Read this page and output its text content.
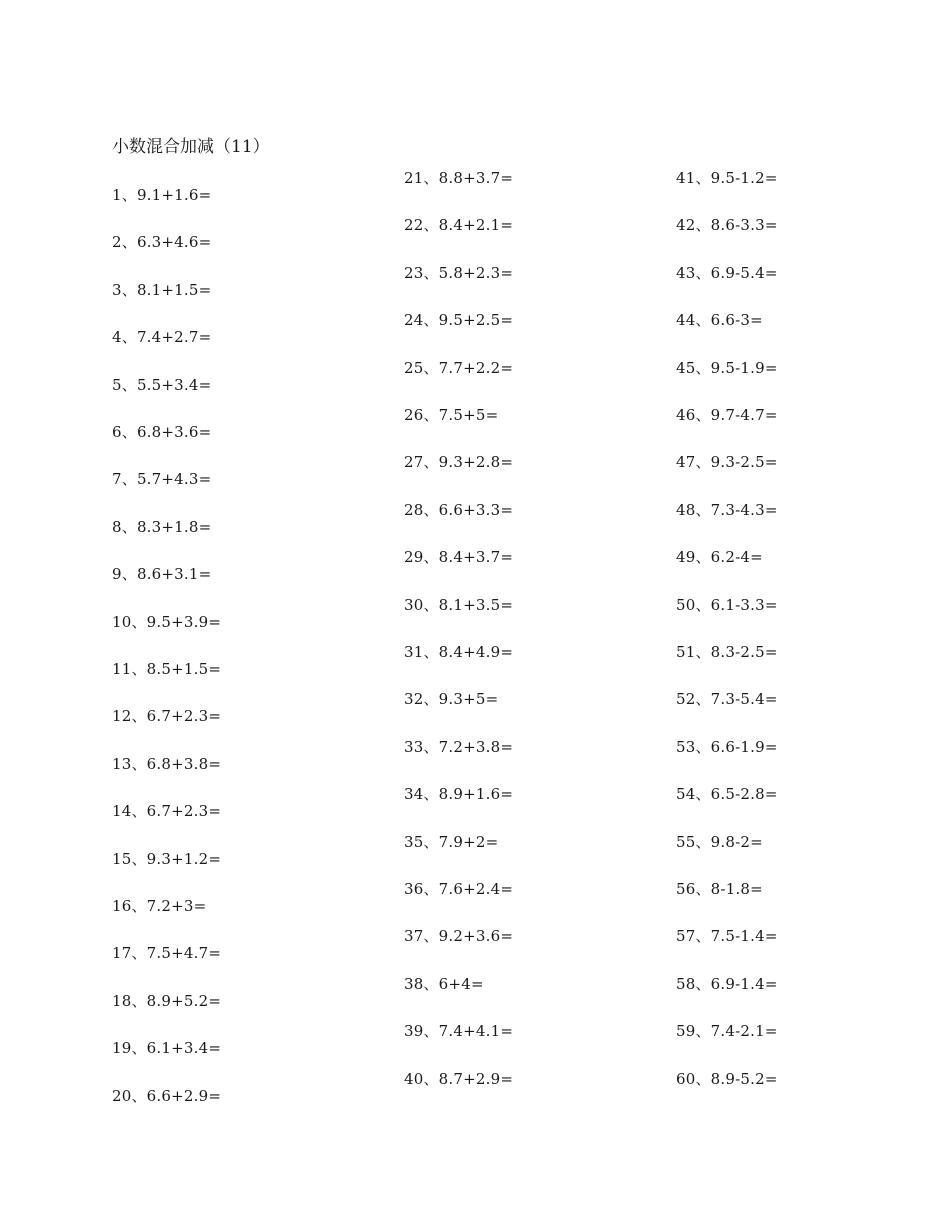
小数混合加减（11）
1、9.1+1.6=
2、6.3+4.6=
3、8.1+1.5=
4、7.4+2.7=
5、5.5+3.4=
6、6.8+3.6=
7、5.7+4.3=
8、8.3+1.8=
9、8.6+3.1=
10、9.5+3.9=
11、8.5+1.5=
12、6.7+2.3=
13、6.8+3.8=
14、6.7+2.3=
15、9.3+1.2=
16、7.2+3=
17、7.5+4.7=
18、8.9+5.2=
19、6.1+3.4=
20、6.6+2.9=
21、8.8+3.7=
22、8.4+2.1=
23、5.8+2.3=
24、9.5+2.5=
25、7.7+2.2=
26、7.5+5=
27、9.3+2.8=
28、6.6+3.3=
29、8.4+3.7=
30、8.1+3.5=
31、8.4+4.9=
32、9.3+5=
33、7.2+3.8=
34、8.9+1.6=
35、7.9+2=
36、7.6+2.4=
37、9.2+3.6=
38、6+4=
39、7.4+4.1=
40、8.7+2.9=
41、9.5-1.2=
42、8.6-3.3=
43、6.9-5.4=
44、6.6-3=
45、9.5-1.9=
46、9.7-4.7=
47、9.3-2.5=
48、7.3-4.3=
49、6.2-4=
50、6.1-3.3=
51、8.3-2.5=
52、7.3-5.4=
53、6.6-1.9=
54、6.5-2.8=
55、9.8-2=
56、8-1.8=
57、7.5-1.4=
58、6.9-1.4=
59、7.4-2.1=
60、8.9-5.2=
